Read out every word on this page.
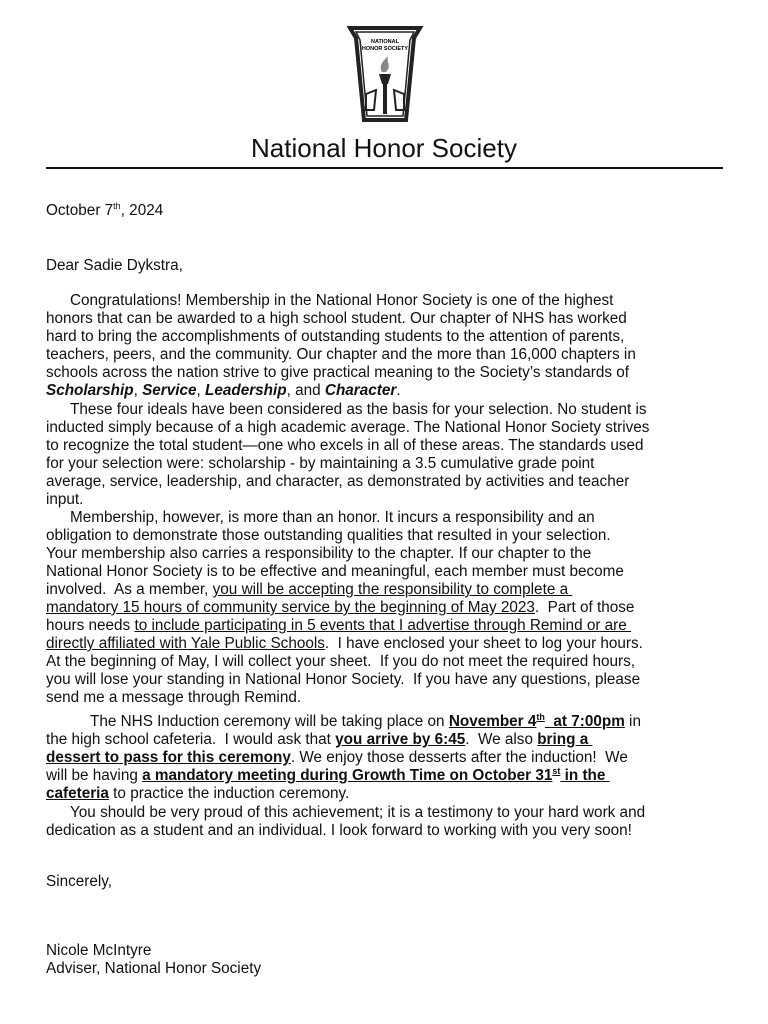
NATIONAL
HONOR SOCIETY
National Honor Society
October 7th, 2024
Dear Sadie Dykstra,
Congratulations! Membership in the National Honor Society is one of the highest
honors that can be awarded to a high school student. Our chapter of NHS has worked
hard to bring the accomplishments of outstanding students to the attention of parents,
teachers, peers, and the community. Our chapter and the more than 16,000 chapters in
schools across the nation strive to give practical meaning to the Society’s standards of
Scholarship, Service, Leadership, and Character.
These four ideals have been considered as the basis for your selection. No student is
inducted simply because of a high academic average. The National Honor Society strives
to recognize the total student—one who excels in all of these areas. The standards used
for your selection were: scholarship - by maintaining a 3.5 cumulative grade point
average, service, leadership, and character, as demonstrated by activities and teacher
input.
Membership, however, is more than an honor. It incurs a responsibility and an
obligation to demonstrate those outstanding qualities that resulted in your selection.
Your membership also carries a responsibility to the chapter. If our chapter to the
National Honor Society is to be effective and meaningful, each member must become
involved.  As a member, you will be accepting the responsibility to complete a
mandatory 15 hours of community service by the beginning of May 2023.  Part of those
hours needs to include participating in 5 events that I advertise through Remind or are
directly affiliated with Yale Public Schools.  I have enclosed your sheet to log your hours.
At the beginning of May, I will collect your sheet.  If you do not meet the required hours,
you will lose your standing in National Honor Society.  If you have any questions, please
send me a message through Remind.
The NHS Induction ceremony will be taking place on November 4th  at 7:00pm in
the high school cafeteria.  I would ask that you arrive by 6:45.  We also bring a
dessert to pass for this ceremony. We enjoy those desserts after the induction!  We
will be having a mandatory meeting during Growth Time on October 31st in the
cafeteria to practice the induction ceremony.
You should be very proud of this achievement; it is a testimony to your hard work and
dedication as a student and an individual. I look forward to working with you very soon!
Sincerely,
Nicole McIntyre
Adviser, National Honor Society
